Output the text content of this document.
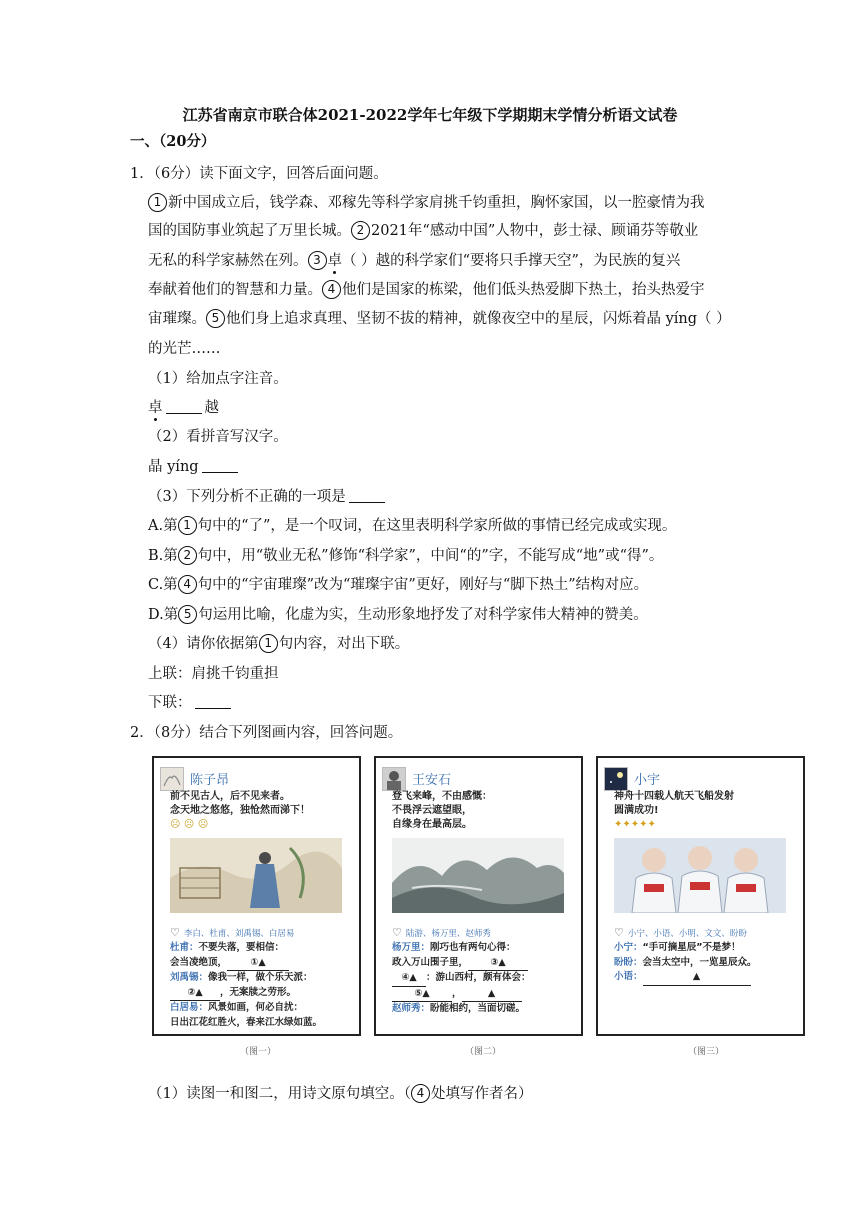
江苏省南京市联合体2021-2022学年七年级下学期期末学情分析语文试卷
一、（20分）
1．（6分）读下面文字，回答后面问题。
1 新中国成立后，钱学森、邓稼先等科学家肩挑千钧重担，胸怀家国，以一腔豪情为我
国的国防事业筑起了万里长城。 2 2021年“感动中国”人物中，彭士禄、顾诵芬等敬业
无私的科学家赫然在列。 3 卓（ ）越的科学家们“要将只手撑天空”，为民族的复兴
奉献着他们的智慧和力量。 4 他们是国家的栋梁，他们低头热爱脚下热土，抬头热爱宇
宙璀璨。 5 他们身上追求真理、坚韧不拔的精神，就像夜空中的星辰，闪烁着晶 yíng（ ）
的光芒……
（1）给加点字注音。
卓	越
（2）看拼音写汉字。
晶 yíng
（3）下列分析不正确的一项是
A.第 1 句中的“了”，是一个叹词，在这里表明科学家所做的事情已经完成或实现。
B.第 2 句中，用“敬业无私”修饰“科学家”，中间“的”字，不能写成“地”或“得”。
C.第 4 句中的“宇宙璀璨”改为“璀璨宇宙”更好，刚好与“脚下热土”结构对应。
D.第 5 句运用比喻，化虚为实，生动形象地抒发了对科学家伟大精神的赞美。
（4）请你依据第 1 句内容，对出下联。
上联：肩挑千钧重担
下联：
2．（8分）结合下列图画内容，回答问题。
陈子昂
前不见古人，后不见来者。
念天地之悠悠，独怆然而涕下！
☹ ☹ ☹
♡ 李白、杜甫、刘禹锡、白居易
杜甫：不要失落，要相信：
会当凌绝顶， ①▲
刘禹锡：像我一样，做个乐天派：
②▲ ，无案牍之劳形。
白居易：风景如画，何必自扰：
日出江花红胜火，春来江水绿如蓝。
（图一）
王安石
登飞来峰，不由感慨：
不畏浮云遮望眼，
自缘身在最高层。
♡ 陆游、杨万里、赵师秀
杨万里：刚巧也有两句心得：
政入万山围子里， ③▲
④▲ ：游山西村，颇有体会：
⑤▲ ，	▲
赵师秀：盼能相约，当面切磋。
（图二）
小宇
神舟十四载人航天飞船发射
圆满成功!
✦✦✦✦✦
♡ 小宁、小语、小明、文文、盼盼
小宁：“手可摘星辰”不是梦！
盼盼：会当太空中，一览星辰众。
小语：	▲
（图三）
（1）读图一和图二，用诗文原句填空。（ 4 处填写作者名）
